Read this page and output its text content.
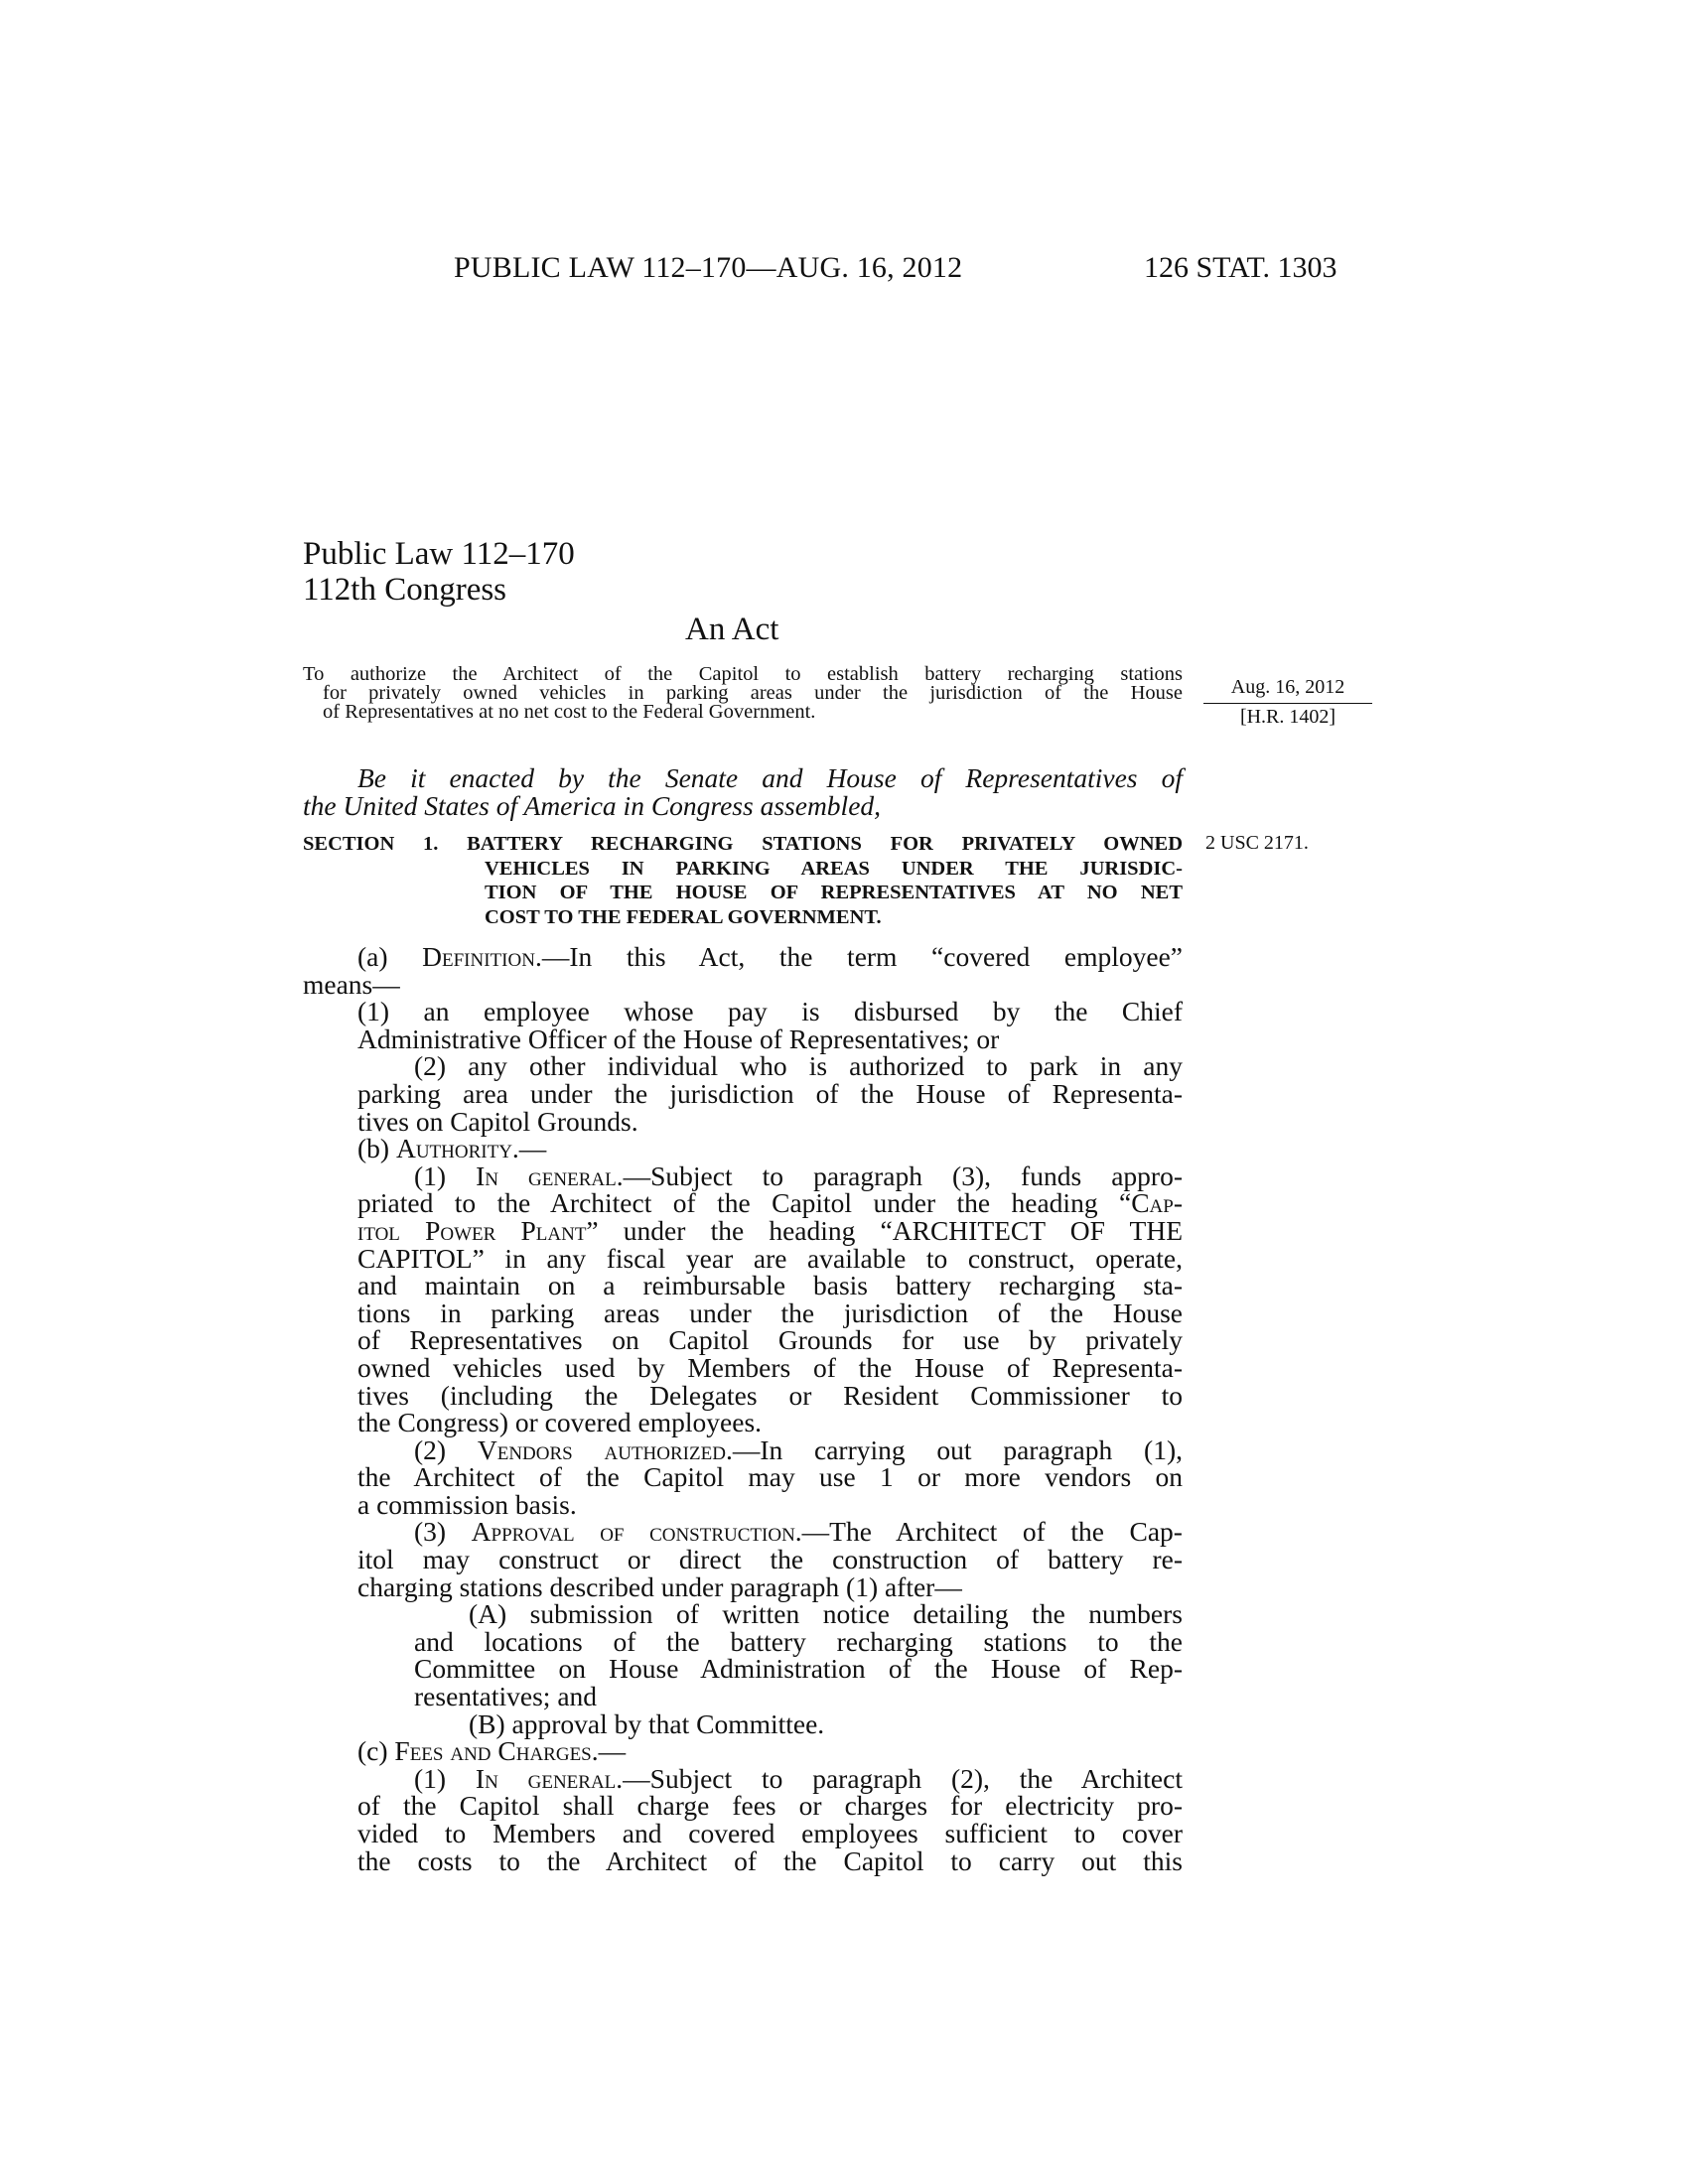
PUBLIC LAW 112–170—AUG. 16, 2012	126 STAT. 1303
Public Law 112–170
112th Congress
An Act
To authorize the Architect of the Capitol to establish battery recharging stations
for privately owned vehicles in parking areas under the jurisdiction of the House
of Representatives at no net cost to the Federal Government.
Aug. 16, 2012
[H.R. 1402]
2 USC 2171.
Be it enacted by the Senate and House of Representatives of
the United States of America in Congress assembled,
SECTION 1. BATTERY RECHARGING STATIONS FOR PRIVATELY OWNED
VEHICLES IN PARKING AREAS UNDER THE JURISDIC-
TION OF THE HOUSE OF REPRESENTATIVES AT NO NET
COST TO THE FEDERAL GOVERNMENT.
(a) Definition.—In this Act, the term “covered employee”
means—
(1) an employee whose pay is disbursed by the Chief
Administrative Officer of the House of Representatives; or
(2) any other individual who is authorized to park in any
parking area under the jurisdiction of the House of Representa-
tives on Capitol Grounds.
(b) Authority.—
(1) In general.—Subject to paragraph (3), funds appro-
priated to the Architect of the Capitol under the heading “Cap-
itol Power Plant” under the heading “ARCHITECT OF THE
CAPITOL” in any fiscal year are available to construct, operate,
and maintain on a reimbursable basis battery recharging sta-
tions in parking areas under the jurisdiction of the House
of Representatives on Capitol Grounds for use by privately
owned vehicles used by Members of the House of Representa-
tives (including the Delegates or Resident Commissioner to
the Congress) or covered employees.
(2) Vendors authorized.—In carrying out paragraph (1),
the Architect of the Capitol may use 1 or more vendors on
a commission basis.
(3) Approval of construction.—The Architect of the Cap-
itol may construct or direct the construction of battery re-
charging stations described under paragraph (1) after—
(A) submission of written notice detailing the numbers
and locations of the battery recharging stations to the
Committee on House Administration of the House of Rep-
resentatives; and
(B) approval by that Committee.
(c) Fees and Charges.—
(1) In general.—Subject to paragraph (2), the Architect
of the Capitol shall charge fees or charges for electricity pro-
vided to Members and covered employees sufficient to cover
the costs to the Architect of the Capitol to carry out this
